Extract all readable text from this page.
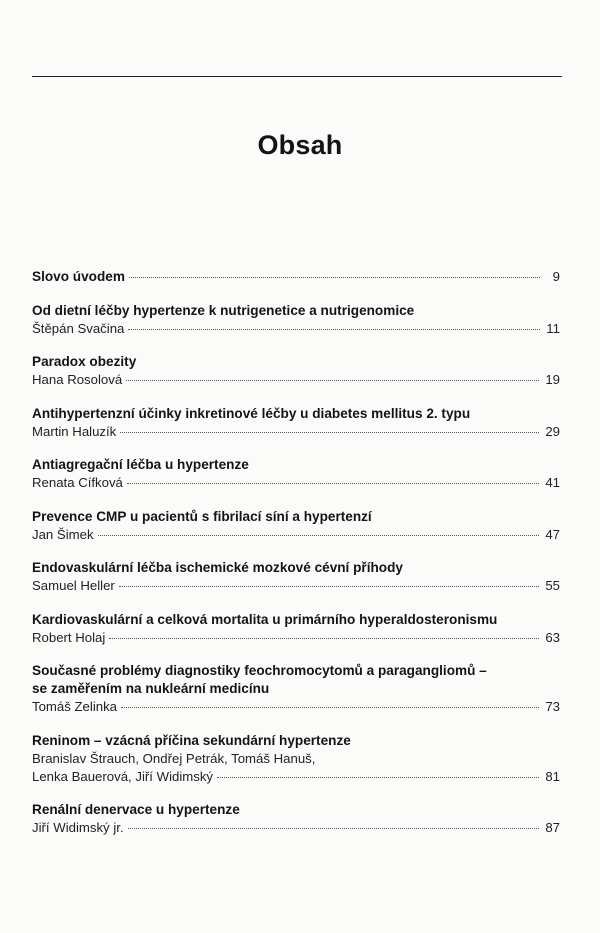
Obsah
Slovo úvodem	9
Od dietní léčby hypertenze k nutrigenetice a nutrigenomice
Štěpán Svačina	11
Paradox obezity
Hana Rosolová	19
Antihypertenzní účinky inkretinové léčby u diabetes mellitus 2. typu
Martin Haluzík	29
Antiagregační léčba u hypertenze
Renata Cífková	41
Prevence CMP u pacientů s fibrilací síní a hypertenzí
Jan Šimek	47
Endovaskulární léčba ischemické mozkové cévní příhody
Samuel Heller	55
Kardiovaskulární a celková mortalita u primárního hyperaldosteronismu
Robert Holaj	63
Současné problémy diagnostiky feochromocytomů a paragangliomů –
se zaměřením na nukleární medicínu
Tomáš Zelinka	73
Reninom – vzácná příčina sekundární hypertenze
Branislav Štrauch, Ondřej Petrák, Tomáš Hanuš,
Lenka Bauerová, Jiří Widimský	81
Renální denervace u hypertenze
Jiří Widimský jr.	87
